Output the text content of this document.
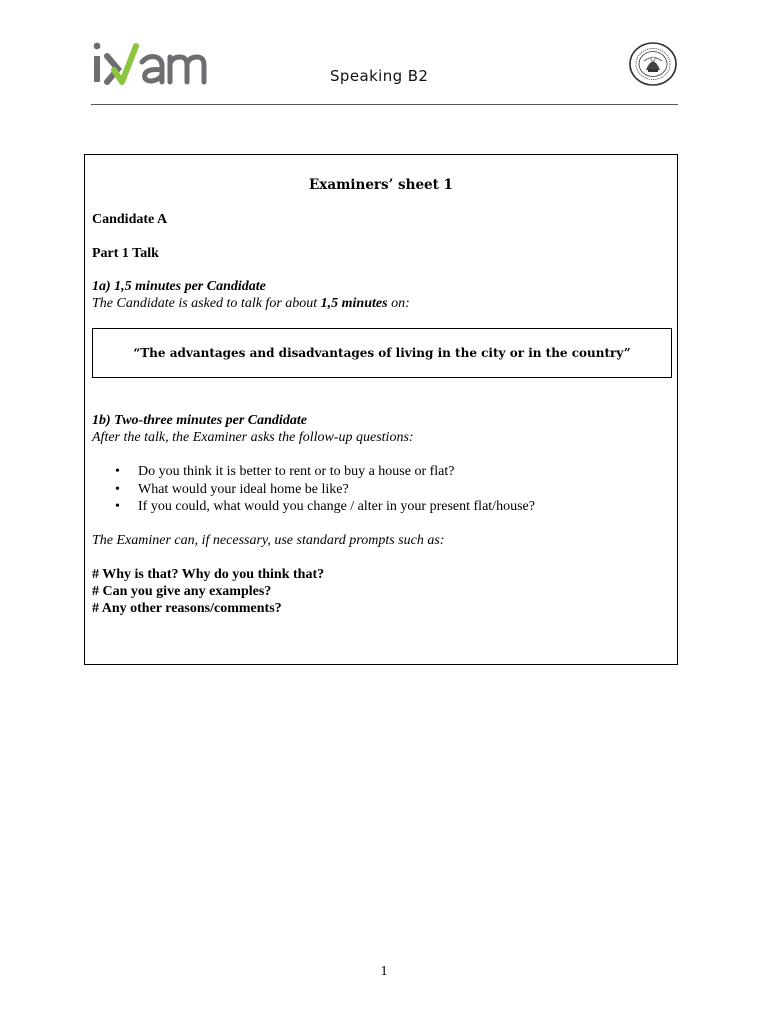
Speaking B2
Examiners’ sheet 1
Candidate A
Part 1 Talk
1a) 1,5 minutes per Candidate
The Candidate is asked to talk for about 1,5 minutes on:
“The advantages and disadvantages of living in the city or in the country”
1b) Two-three minutes per Candidate
After the talk, the Examiner asks the follow-up questions:
• Do you think it is better to rent or to buy a house or flat?
• What would your ideal home be like?
• If you could, what would you change / alter in your present flat/house?
The Examiner can, if necessary, use standard prompts such as:
# Why is that? Why do you think that?
# Can you give any examples?
# Any other reasons/comments?
1
